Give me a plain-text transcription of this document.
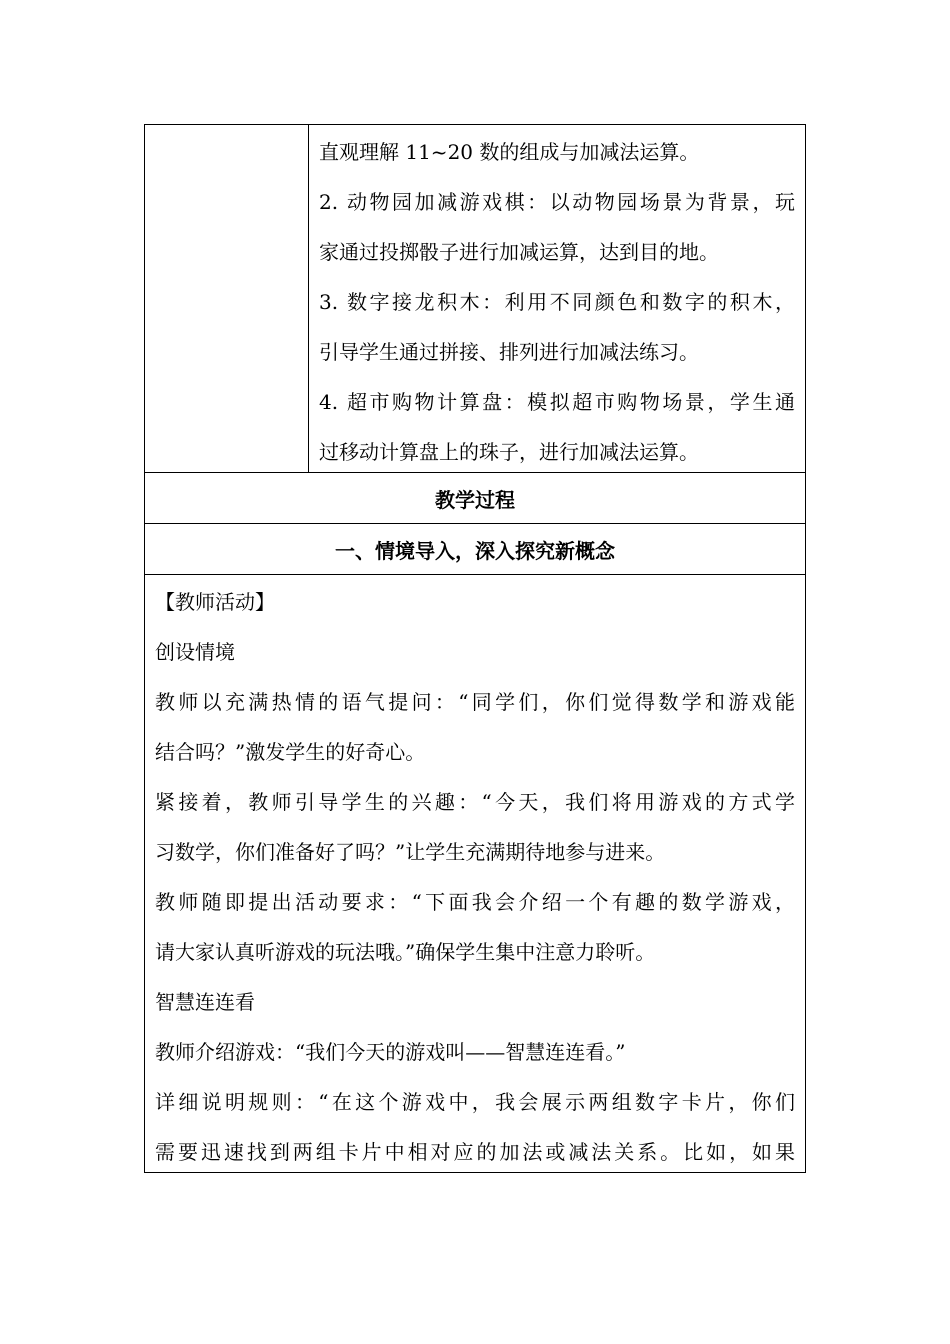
直观理解 11~20 数的组成与加减法运算。
2. 动物园加减游戏棋：以动物园场景为背景，玩
家通过投掷骰子进行加减运算，达到目的地。
3. 数字接龙积木：利用不同颜色和数字的积木，
引导学生通过拼接、排列进行加减法练习。
4. 超市购物计算盘：模拟超市购物场景，学生通
过移动计算盘上的珠子，进行加减法运算。
教学过程
一、情境导入，深入探究新概念
【教师活动】
创设情境
教师以充满热情的语气提问：“同学们，你们觉得数学和游戏能
结合吗？”激发学生的好奇心。
紧接着，教师引导学生的兴趣：“今天，我们将用游戏的方式学
习数学，你们准备好了吗？”让学生充满期待地参与进来。
教师随即提出活动要求：“下面我会介绍一个有趣的数学游戏，
请大家认真听游戏的玩法哦。”确保学生集中注意力聆听。
智慧连连看
教师介绍游戏：“我们今天的游戏叫——智慧连连看。”
详细说明规则：“在这个游戏中，我会展示两组数字卡片，你们
需要迅速找到两组卡片中相对应的加法或减法关系。比如，如果
